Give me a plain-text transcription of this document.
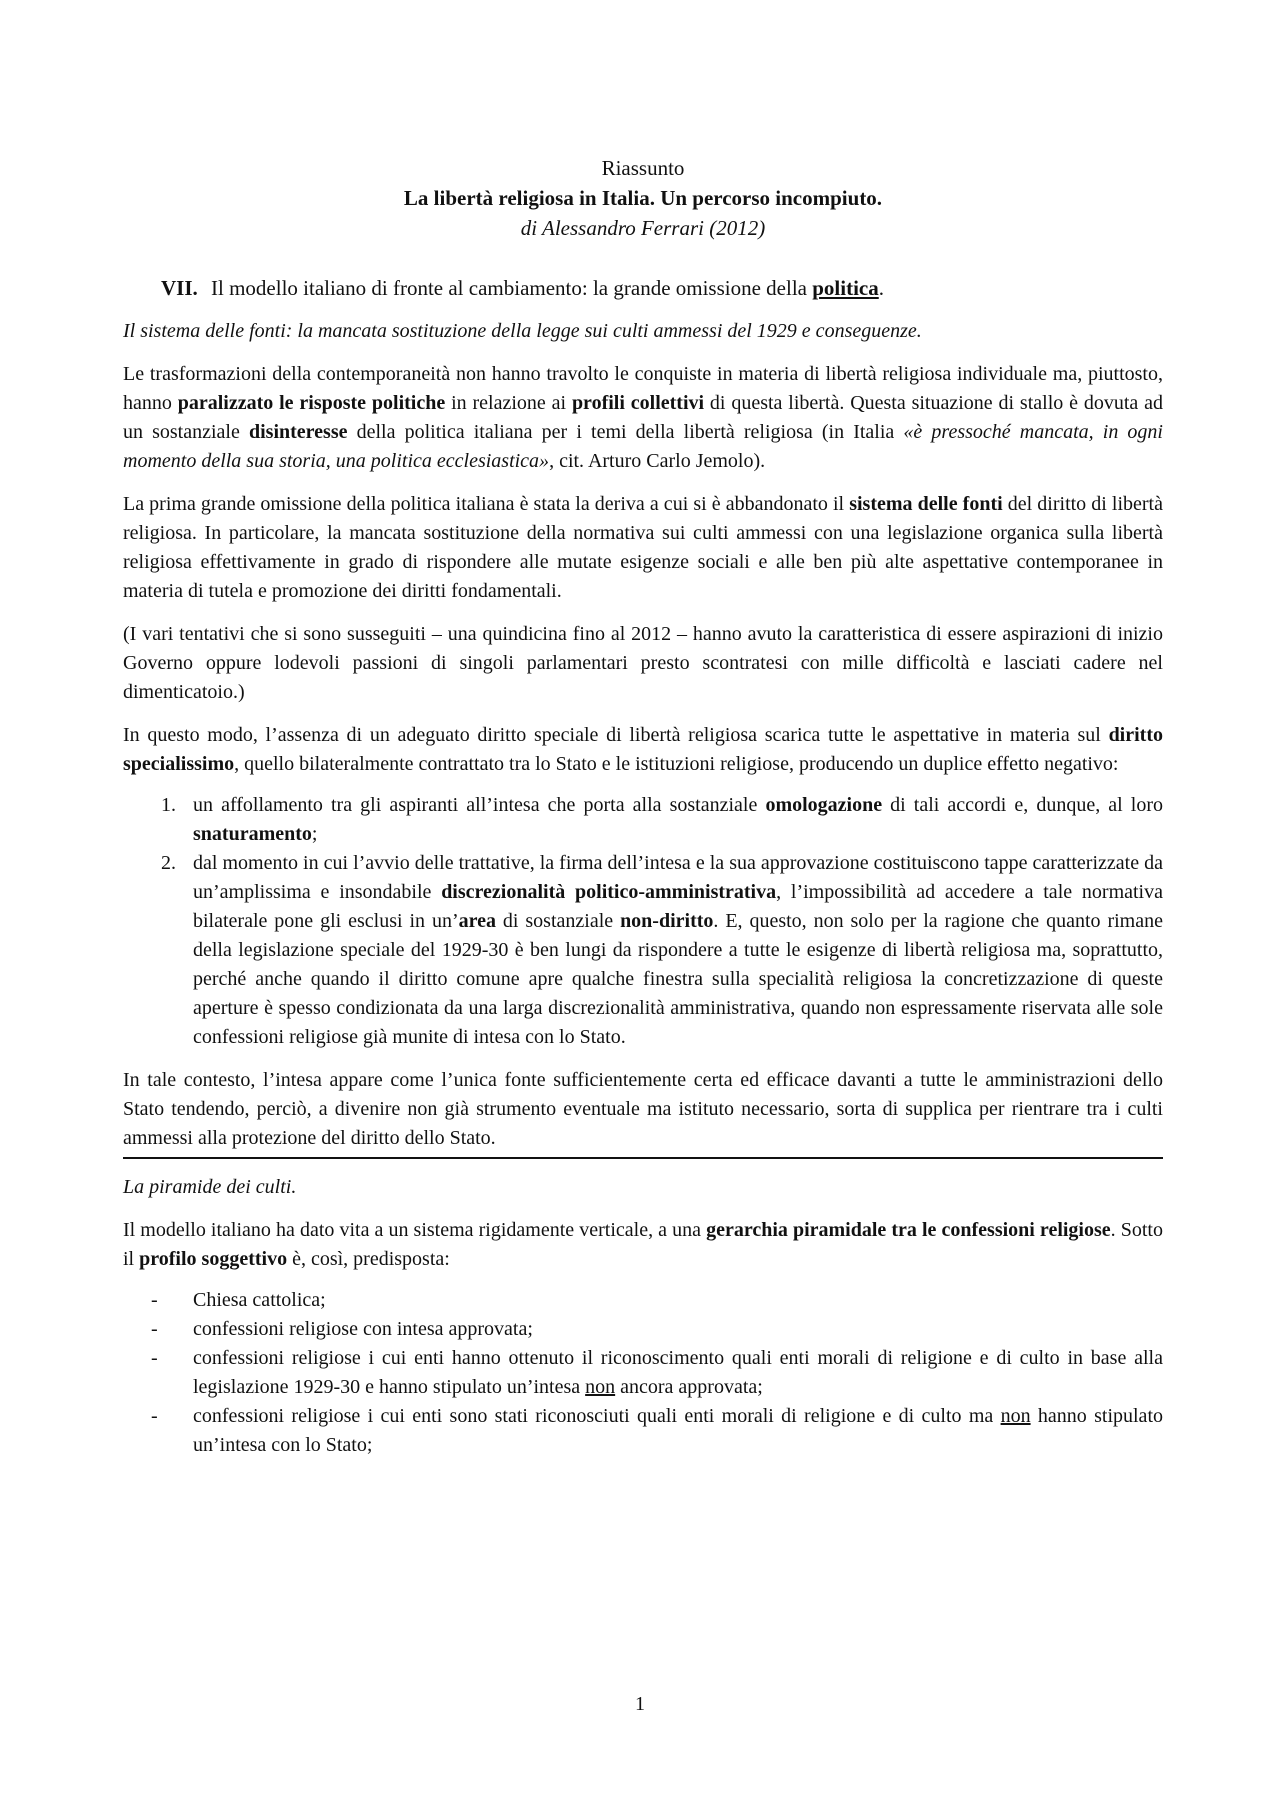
Riassunto
La libertà religiosa in Italia. Un percorso incompiuto.
di Alessandro Ferrari (2012)
VII. Il modello italiano di fronte al cambiamento: la grande omissione della politica.
Il sistema delle fonti: la mancata sostituzione della legge sui culti ammessi del 1929 e conseguenze.

Le trasformazioni della contemporaneità non hanno travolto le conquiste in materia di libertà religiosa individuale ma, piuttosto, hanno paralizzato le risposte politiche in relazione ai profili collettivi di questa libertà. Questa situazione di stallo è dovuta ad un sostanziale disinteresse della politica italiana per i temi della libertà religiosa (in Italia «è pressoché mancata, in ogni momento della sua storia, una politica ecclesiastica», cit. Arturo Carlo Jemolo).

La prima grande omissione della politica italiana è stata la deriva a cui si è abbandonato il sistema delle fonti del diritto di libertà religiosa. In particolare, la mancata sostituzione della normativa sui culti ammessi con una legislazione organica sulla libertà religiosa effettivamente in grado di rispondere alle mutate esigenze sociali e alle ben più alte aspettative contemporanee in materia di tutela e promozione dei diritti fondamentali.

(I vari tentativi che si sono susseguiti – una quindicina fino al 2012 – hanno avuto la caratteristica di essere aspirazioni di inizio Governo oppure lodevoli passioni di singoli parlamentari presto scontratesi con mille difficoltà e lasciati cadere nel dimenticatoio.)

In questo modo, l’assenza di un adeguato diritto speciale di libertà religiosa scarica tutte le aspettative in materia sul diritto specialissimo, quello bilateralmente contrattato tra lo Stato e le istituzioni religiose, producendo un duplice effetto negativo:

1. un affollamento tra gli aspiranti all’intesa che porta alla sostanziale omologazione di tali accordi e, dunque, al loro snaturamento;
2. dal momento in cui l’avvio delle trattative, la firma dell’intesa e la sua approvazione costituiscono tappe caratterizzate da un’amplissima e insondabile discrezionalità politico-amministrativa, l’impossibilità ad accedere a tale normativa bilaterale pone gli esclusi in un’area di sostanziale non-diritto. E, questo, non solo per la ragione che quanto rimane della legislazione speciale del 1929-30 è ben lungi da rispondere a tutte le esigenze di libertà religiosa ma, soprattutto, perché anche quando il diritto comune apre qualche finestra sulla specialità religiosa la concretizzazione di queste aperture è spesso condizionata da una larga discrezionalità amministrativa, quando non espressamente riservata alle sole confessioni religiose già munite di intesa con lo Stato.

In tale contesto, l’intesa appare come l’unica fonte sufficientemente certa ed efficace davanti a tutte le amministrazioni dello Stato tendendo, perciò, a divenire non già strumento eventuale ma istituto necessario, sorta di supplica per rientrare tra i culti ammessi alla protezione del diritto dello Stato.

La piramide dei culti.

Il modello italiano ha dato vita a un sistema rigidamente verticale, a una gerarchia piramidale tra le confessioni religiose. Sotto il profilo soggettivo è, così, predisposta:

- Chiesa cattolica;
- confessioni religiose con intesa approvata;
- confessioni religiose i cui enti hanno ottenuto il riconoscimento quali enti morali di religione e di culto in base alla legislazione 1929-30 e hanno stipulato un’intesa non ancora approvata;
- confessioni religiose i cui enti sono stati riconosciuti quali enti morali di religione e di culto ma non hanno stipulato un’intesa con lo Stato;
1
